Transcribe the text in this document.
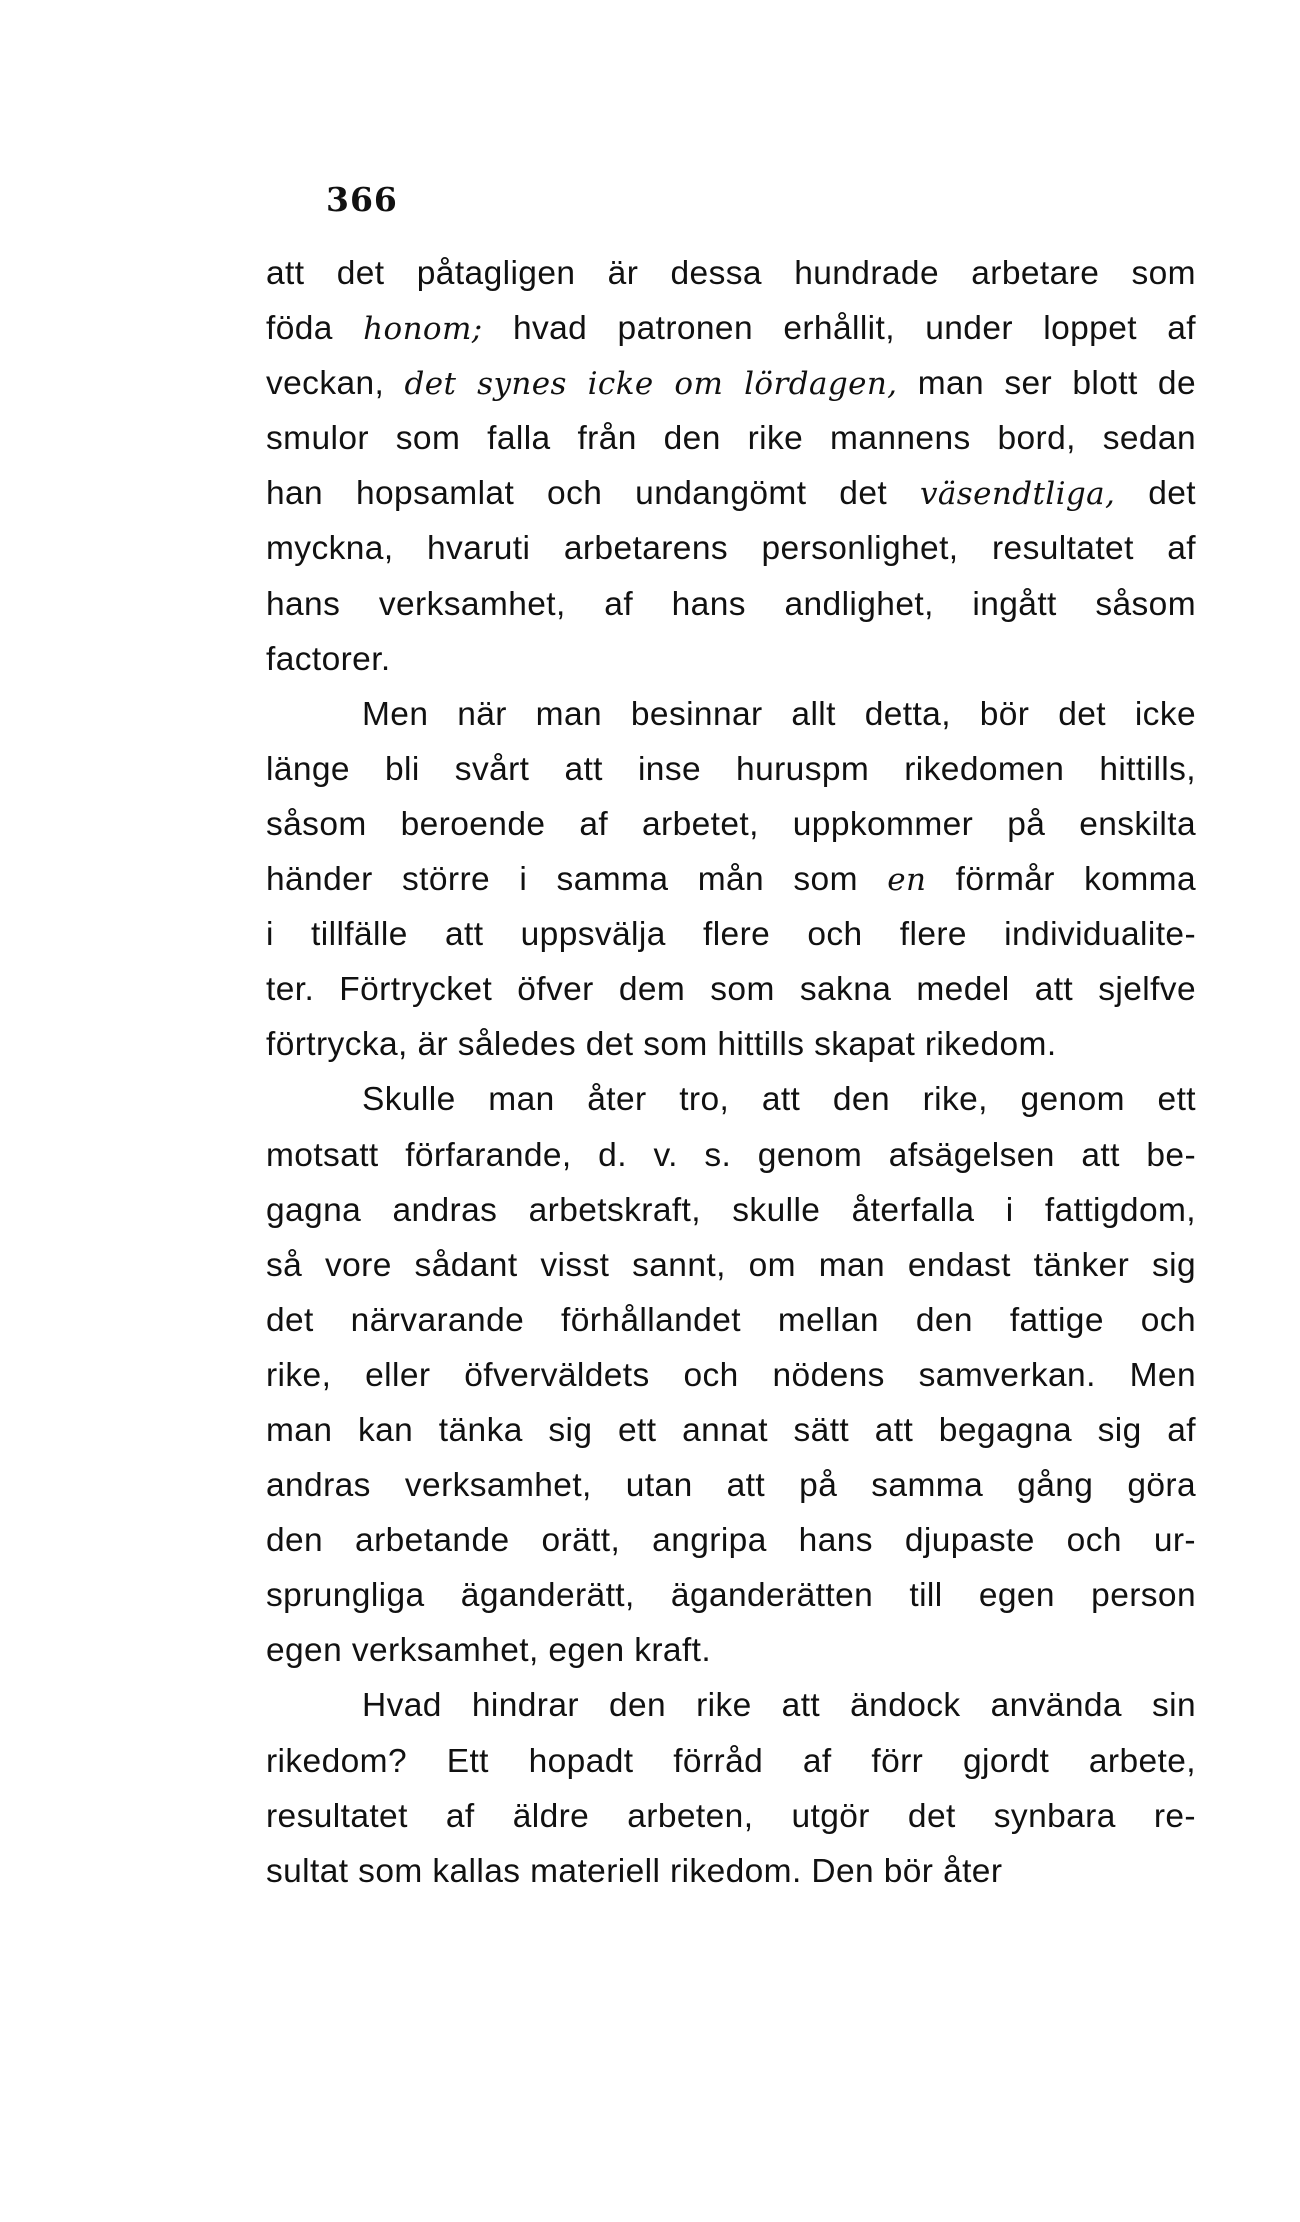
366
att det påtagligen är dessa hundrade arbetare som
föda honom; hvad patronen erhållit, under loppet af
veckan, det synes icke om lördagen, man ser blott de
smulor som falla från den rike mannens bord, sedan
han hopsamlat och undangömt det väsendtliga, det
myckna, hvaruti arbetarens personlighet, resultatet af
hans verksamhet, af hans andlighet, ingått såsom
factorer.
Men när man besinnar allt detta, bör det icke
länge bli svårt att inse huruspm rikedomen hittills,
såsom beroende af arbetet, uppkommer på enskilta
händer större i samma mån som en förmår komma
i tillfälle att uppsvälja flere och flere individualite-
ter. Förtrycket öfver dem som sakna medel att sjelfve
förtrycka, är således det som hittills skapat rikedom.
Skulle man åter tro, att den rike, genom ett
motsatt förfarande, d. v. s. genom afsägelsen att be-
gagna andras arbetskraft, skulle återfalla i fattigdom,
så vore sådant visst sannt, om man endast tänker sig
det närvarande förhållandet mellan den fattige och
rike, eller öfverväldets och nödens samverkan. Men
man kan tänka sig ett annat sätt att begagna sig af
andras verksamhet, utan att på samma gång göra
den arbetande orätt, angripa hans djupaste och ur-
sprungliga äganderätt, äganderätten till egen person
egen verksamhet, egen kraft.
Hvad hindrar den rike att ändock använda sin
rikedom? Ett hopadt förråd af förr gjordt arbete,
resultatet af äldre arbeten, utgör det synbara re-
sultat som kallas materiell rikedom. Den bör åter
